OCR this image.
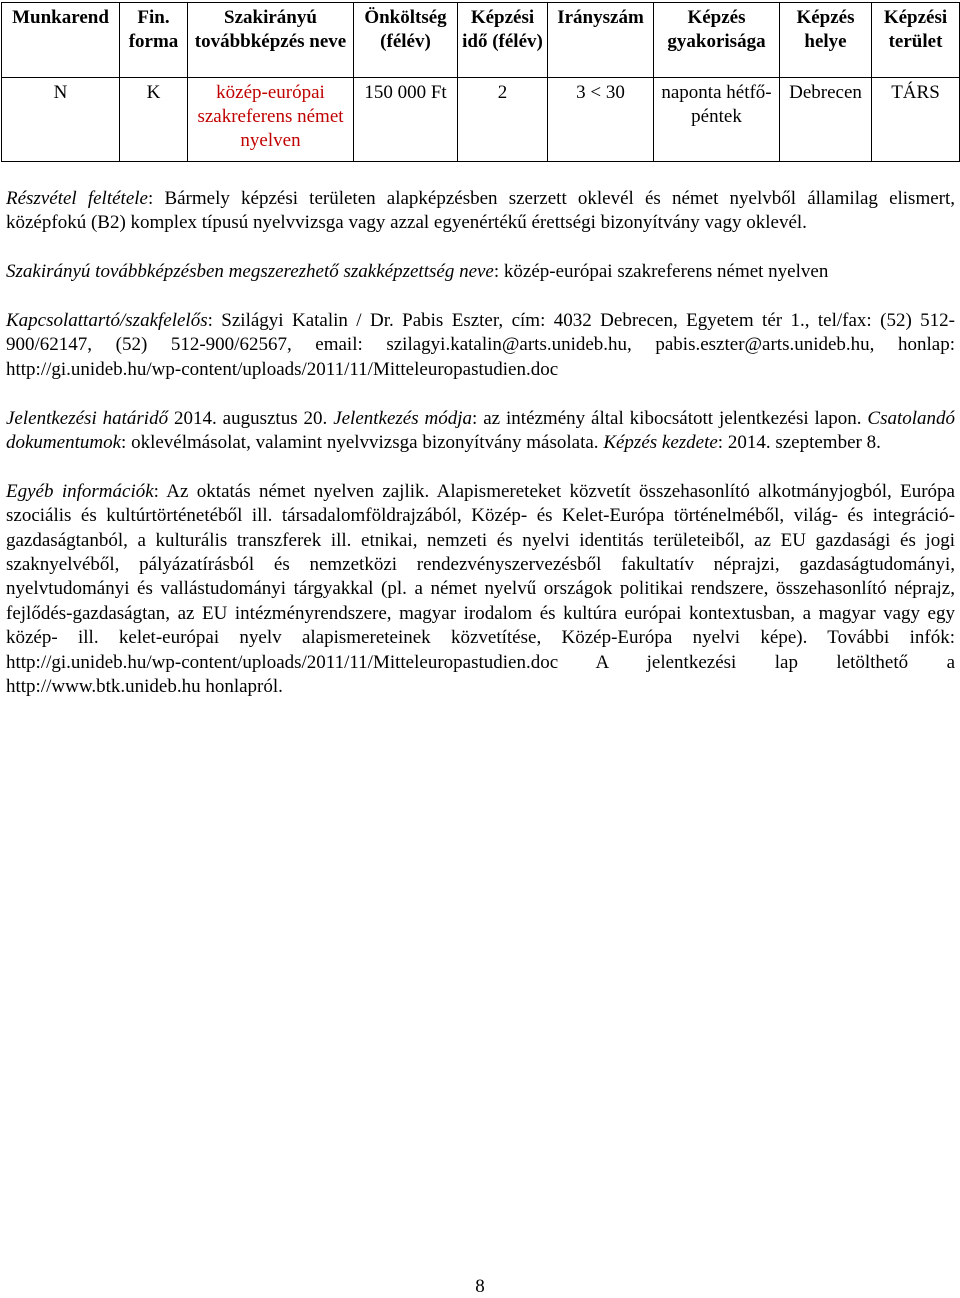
Munkarend	Fin. forma	Szakirányú továbbképzés neve	Önköltség (félév)	Képzési idő (félév)	Irányszám	Képzés gyakorisága	Képzés helye	Képzési terület
N	K	közép-európai szakreferens német nyelven	150 000 Ft	2	3 < 30	naponta hétfő-péntek	Debrecen	TÁRS

Részvétel feltétele: Bármely képzési területen alapképzésben szerzett oklevél és német nyelvből államilag elismert, középfokú (B2) komplex típusú nyelvvizsga vagy azzal egyenértékű érettségi bizonyítvány vagy oklevél.

Szakirányú továbbképzésben megszerezhető szakképzettség neve: közép-európai szakreferens német nyelven

Kapcsolattartó/szakfelelős: Szilágyi Katalin / Dr. Pabis Eszter, cím: 4032 Debrecen, Egyetem tér 1., tel/fax: (52) 512-900/62147, (52) 512-900/62567, email: szilagyi.katalin@arts.unideb.hu, pabis.eszter@arts.unideb.hu, honlap: http://gi.unideb.hu/wp-content/uploads/2011/11/Mitteleuropastudien.doc

Jelentkezési határidő 2014. augusztus 20. Jelentkezés módja: az intézmény által kibocsátott jelentkezési lapon. Csatolandó dokumentumok: oklevélmásolat, valamint nyelvvizsga bizonyítvány másolata. Képzés kezdete: 2014. szeptember 8.

Egyéb információk: Az oktatás német nyelven zajlik. Alapismereteket közvetít összehasonlító alkotmányjogból, Európa szociális és kultúrtörténetéből ill. társadalomföldrajzából, Közép- és Kelet-Európa történelméből, világ- és integráció- gazdaságtanból, a kulturális transzferek ill. etnikai, nemzeti és nyelvi identitás területeiből, az EU gazdasági és jogi szaknyelvéből, pályázatírásból és nemzetközi rendezvényszervezésből fakultatív néprajzi, gazdaságtudományi, nyelvtudományi és vallástudományi tárgyakkal (pl. a német nyelvű országok politikai rendszere, összehasonlító néprajz, fejlődés-gazdaságtan, az EU intézményrendszere, magyar irodalom és kultúra európai kontextusban, a magyar vagy egy közép- ill. kelet-európai nyelv alapismereteinek közvetítése, Közép-Európa nyelvi képe). További infók: http://gi.unideb.hu/wp-content/uploads/2011/11/Mitteleuropastudien.doc A jelentkezési lap letölthető a http://www.btk.unideb.hu honlapról.

8
